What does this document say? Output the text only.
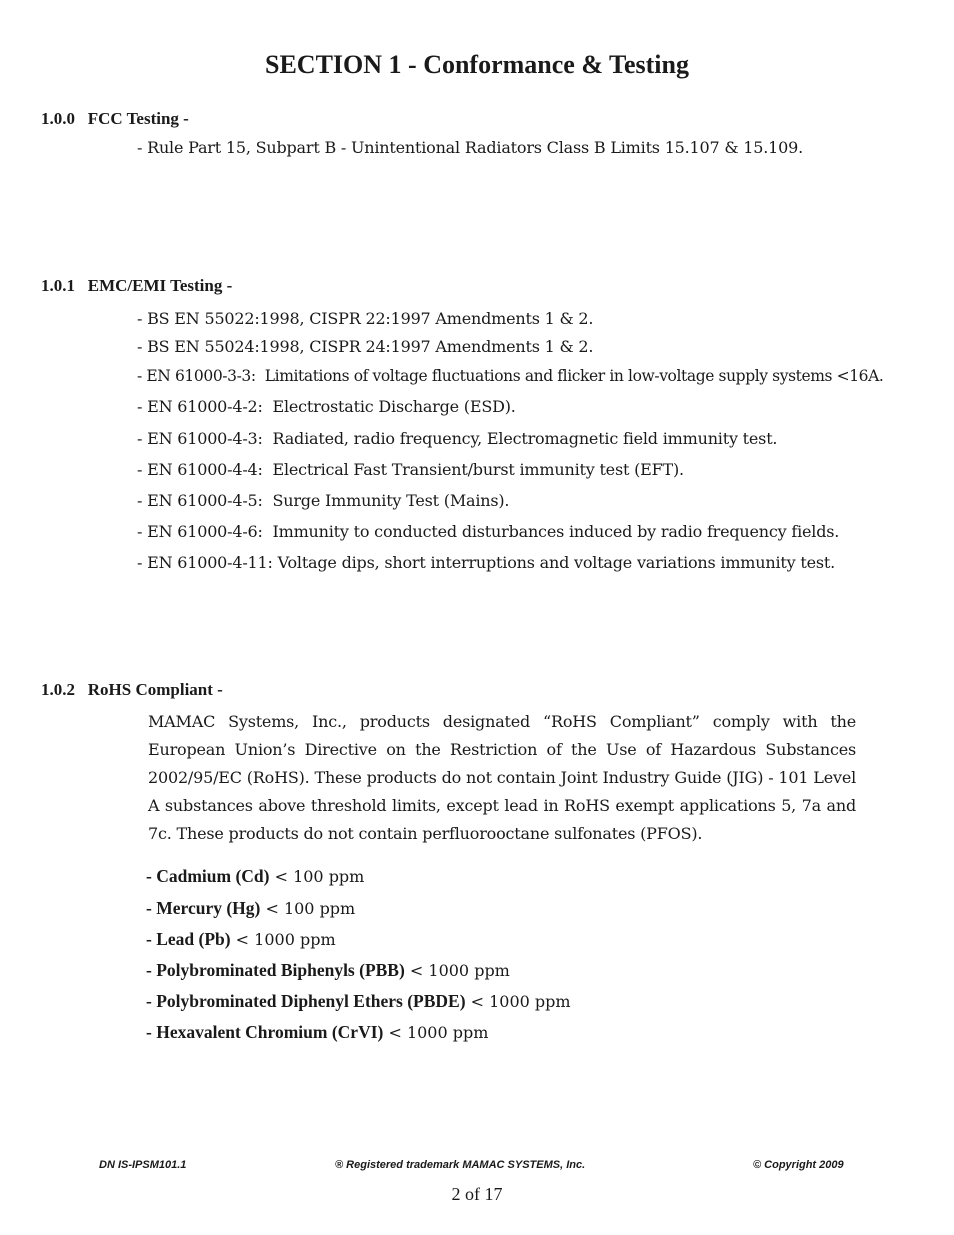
SECTION 1 - Conformance & Testing
1.0.0   FCC Testing -
- Rule Part 15, Subpart B - Unintentional Radiators Class B Limits 15.107 & 15.109.
1.0.1   EMC/EMI Testing -
- BS EN 55022:1998, CISPR 22:1997 Amendments 1 & 2.
- BS EN 55024:1998, CISPR 24:1997 Amendments 1 & 2.
- EN 61000-3-3:  Limitations of voltage fluctuations and flicker in low-voltage supply systems <16A.
- EN 61000-4-2:  Electrostatic Discharge (ESD).
- EN 61000-4-3:  Radiated, radio frequency, Electromagnetic field immunity test.
- EN 61000-4-4:  Electrical Fast Transient/burst immunity test (EFT).
- EN 61000-4-5:  Surge Immunity Test (Mains).
- EN 61000-4-6:  Immunity to conducted disturbances induced by radio frequency fields.
- EN 61000-4-11: Voltage dips, short interruptions and voltage variations immunity test.
1.0.2   RoHS Compliant -
MAMAC Systems, Inc., products designated “RoHS Compliant” comply with the European Union’s Directive on the Restriction of the Use of Hazardous Substances 2002/95/EC (RoHS). These products do not contain Joint Industry Guide (JIG) - 101 Level A substances above threshold limits, except lead in RoHS exempt applications 5, 7a and 7c. These products do not contain perfluorooctane sulfonates (PFOS).
- Cadmium (Cd) < 100 ppm
- Mercury (Hg) < 100 ppm
- Lead (Pb) < 1000 ppm
- Polybrominated Biphenyls (PBB) < 1000 ppm
- Polybrominated Diphenyl Ethers (PBDE) < 1000 ppm
- Hexavalent Chromium (CrVI) < 1000 ppm
DN IS-IPSM101.1	® Registered trademark MAMAC SYSTEMS, Inc.	© Copyright 2009
2 of 17
